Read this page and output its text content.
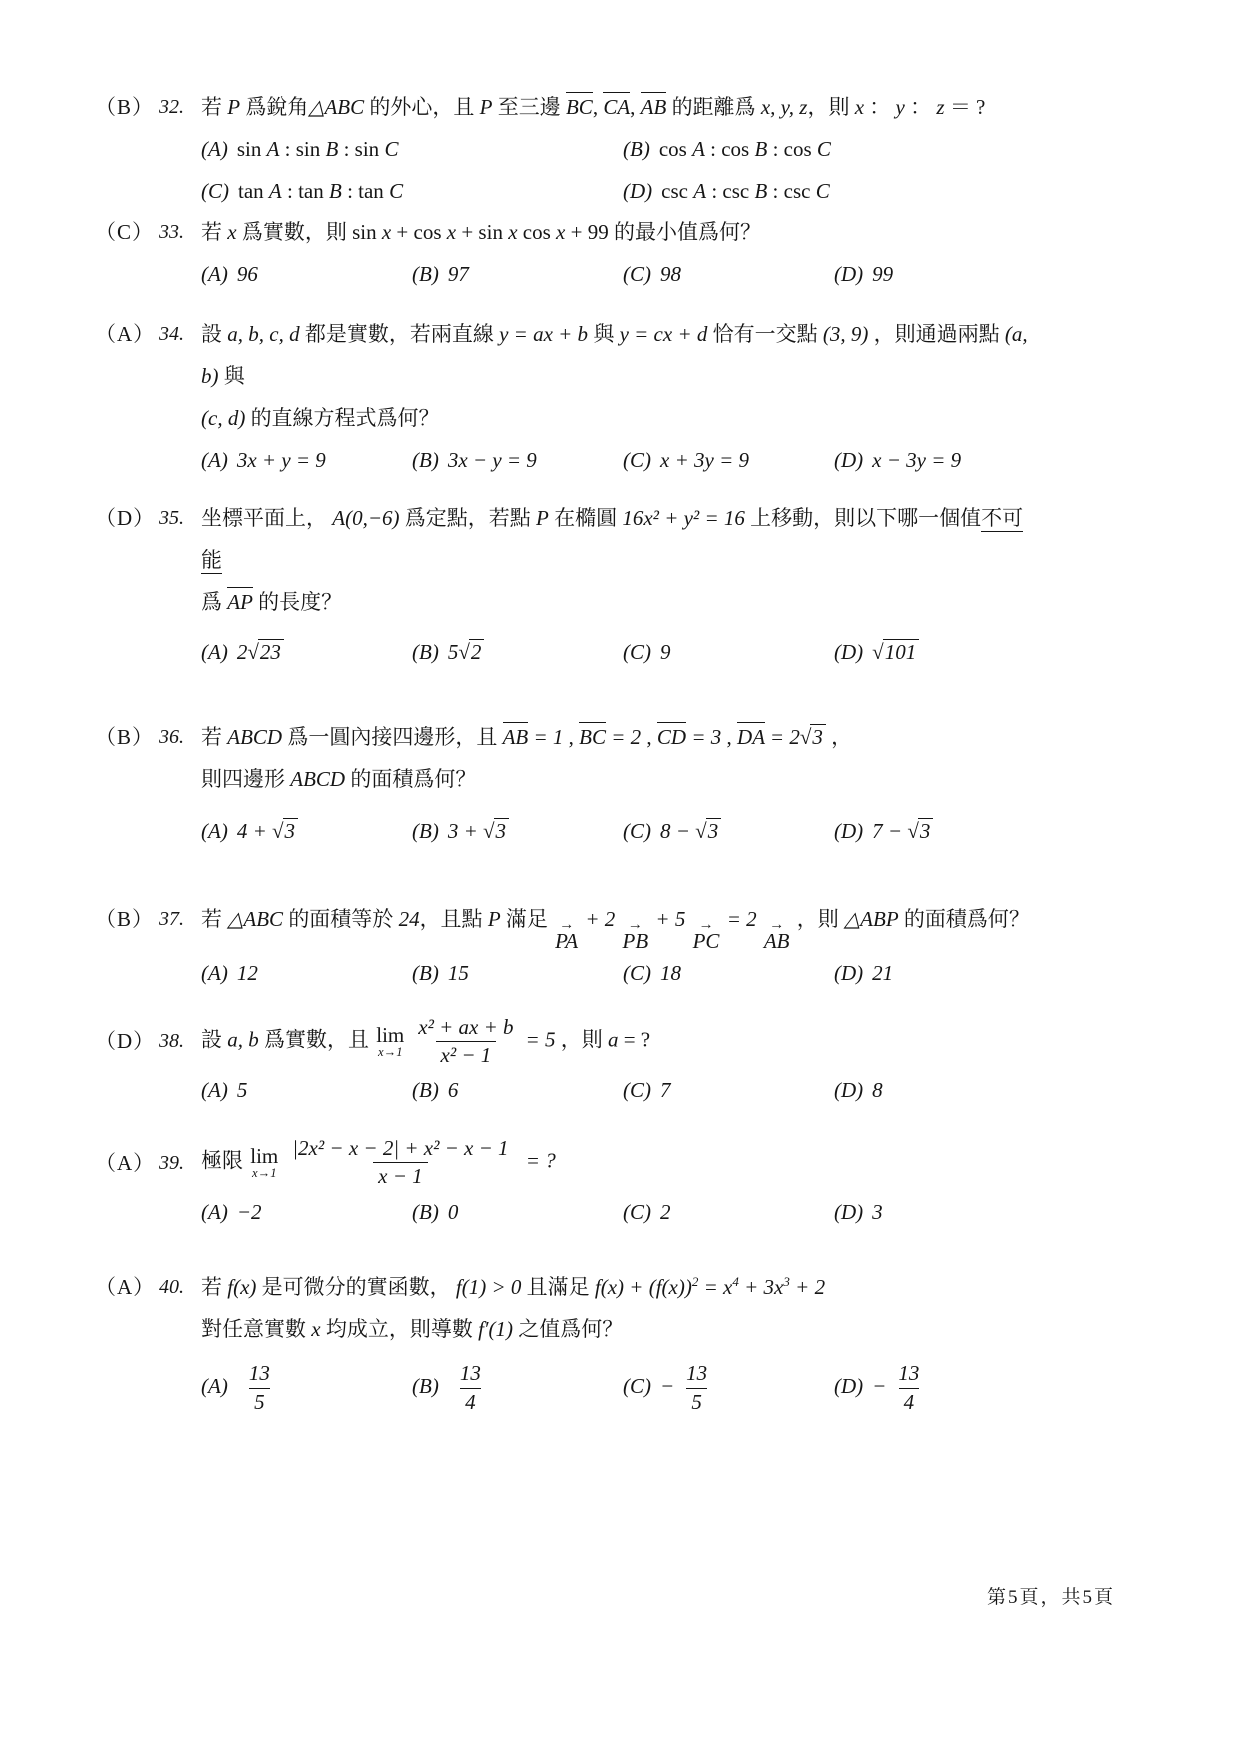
（B） 32. 若 P 爲銳角△ABC 的外心，且 P 至三邊 BC, CA, AB 的距離爲 x, y, z，則 x ： y ： z ＝ ?
(A) sin A : sin B : sin C	(B) cos A : cos B : cos C
(C) tan A : tan B : tan C	(D) csc A : csc B : csc C
（C） 33. 若 x 爲實數，則 sin x + cos x + sin x cos x + 99 的最小值爲何？
(A) 96	(B) 97	(C) 98	(D) 99
（A） 34. 設 a, b, c, d 都是實數，若兩直線 y = ax + b 與 y = cx + d 恰有一交點 (3, 9) ，則通過兩點 (a, b) 與
(c, d) 的直線方程式爲何？
(A) 3x + y = 9	(B) 3x − y = 9	(C) x + 3y = 9	(D) x − 3y = 9
（D） 35. 坐標平面上， A(0,−6) 爲定點，若點 P 在橢圓 16x² + y² = 16 上移動，則以下哪一個值不可能
爲 AP 的長度？
(A) 2√23	(B) 5√2	(C) 9	(D) √101
（B） 36. 若 ABCD 爲一圓內接四邊形，且 AB = 1 , BC = 2 , CD = 3 , DA = 2√3 ，
則四邊形 ABCD 的面積爲何？
(A) 4 + √3	(B) 3 + √3	(C) 8 − √3	(D) 7 − √3
（B） 37. 若 △ABC 的面積等於 24，且點 P 滿足 →
PA
+ 2 →
PB
+ 5 →
PC
= 2 →
AB
，則 △ABP 的面積爲何？
(A) 12	(B) 15	(C) 18	(D) 21
（D） 38. 設 a, b 爲實數，且 lim
$x\to 1 \frac{\text{x² + ax + b}}{\text{x² − 1}} = 5$ ，則 a = ?
(A) 5	(B) 6	(C) 7	(D) 8
（A） 39. 極限 lim
$x\to 1 \frac{\text{|2x² − x − 2| + x² − x − 1}}{x - 1}$ = ?
(A) −2	(B) 0	(C) 2	(D) 3
（A） 40. 若 f(x) 是可微分的實函數， f(1) > 0 且滿足 $f(x) + (f(x))^2 = x^4 + 3x^3 + 2$
對任意實數 x 均成立，則導數 f′(1) 之值爲何？
$(A) \frac{13}{5}$	$(B) \frac{13}{4}$	$(C) - \frac{13}{5}$	$(D) - \frac{13}{4}$
第5頁，共5頁
